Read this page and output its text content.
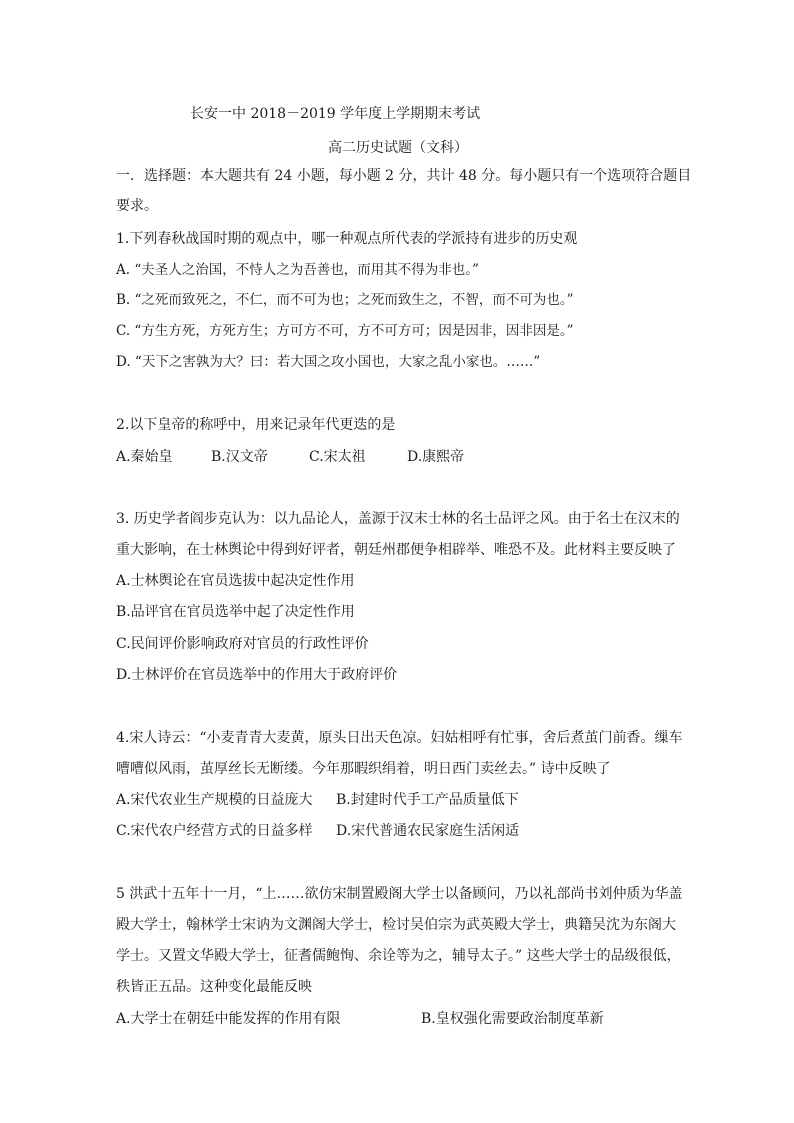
长安一中 2018－2019 学年度上学期期末考试
高二历史试题（文科）
一．选择题：本大题共有 24 小题，每小题 2 分，共计 48 分。每小题只有一个选项符合题目
要求。
1.下列春秋战国时期的观点中，哪一种观点所代表的学派持有进步的历史观
A. “夫圣人之治国，不恃人之为吾善也，而用其不得为非也。”
B. “之死而致死之，不仁，而不可为也；之死而致生之，不智，而不可为也。”
C. “方生方死，方死方生；方可方不可，方不可方可；因是因非，因非因是。”
D. “天下之害孰为大？曰：若大国之攻小国也，大家之乱小家也。……”
2.以下皇帝的称呼中，用来记录年代更迭的是
A.秦始皇	B.汉文帝	C.宋太祖	D.康熙帝
3. 历史学者阎步克认为：以九品论人，盖源于汉末士林的名士品评之风。由于名士在汉末的
重大影响，在士林舆论中得到好评者，朝廷州郡便争相辟举、唯恐不及。此材料主要反映了
A.士林舆论在官员选拔中起决定性作用
B.品评官在官员选举中起了决定性作用
C.民间评价影响政府对官员的行政性评价
D.士林评价在官员选举中的作用大于政府评价
4.宋人诗云：“小麦青青大麦黄，原头日出天色凉。妇姑相呼有忙事，舍后煮茧门前香。缫车
嘈嘈似风雨，茧厚丝长无断缕。今年那暇织绢着，明日西门卖丝去。” 诗中反映了
A.宋代农业生产规模的日益庞大 B.封建时代手工产品质量低下
C.宋代农户经营方式的日益多样 D.宋代普通农民家庭生活闲适
5 洪武十五年十一月，“上……欲仿宋制置殿阁大学士以备顾问，乃以礼部尚书刘仲质为华盖
殿大学士，翰林学士宋讷为文渊阁大学士，检讨吴伯宗为武英殿大学士，典籍吴沈为东阁大
学士。又置文华殿大学士，征耆儒鲍恂、余诠等为之，辅导太子。” 这些大学士的品级很低，
秩皆正五品。这种变化最能反映
A.大学士在朝廷中能发挥的作用有限	B.皇权强化需要政治制度革新
